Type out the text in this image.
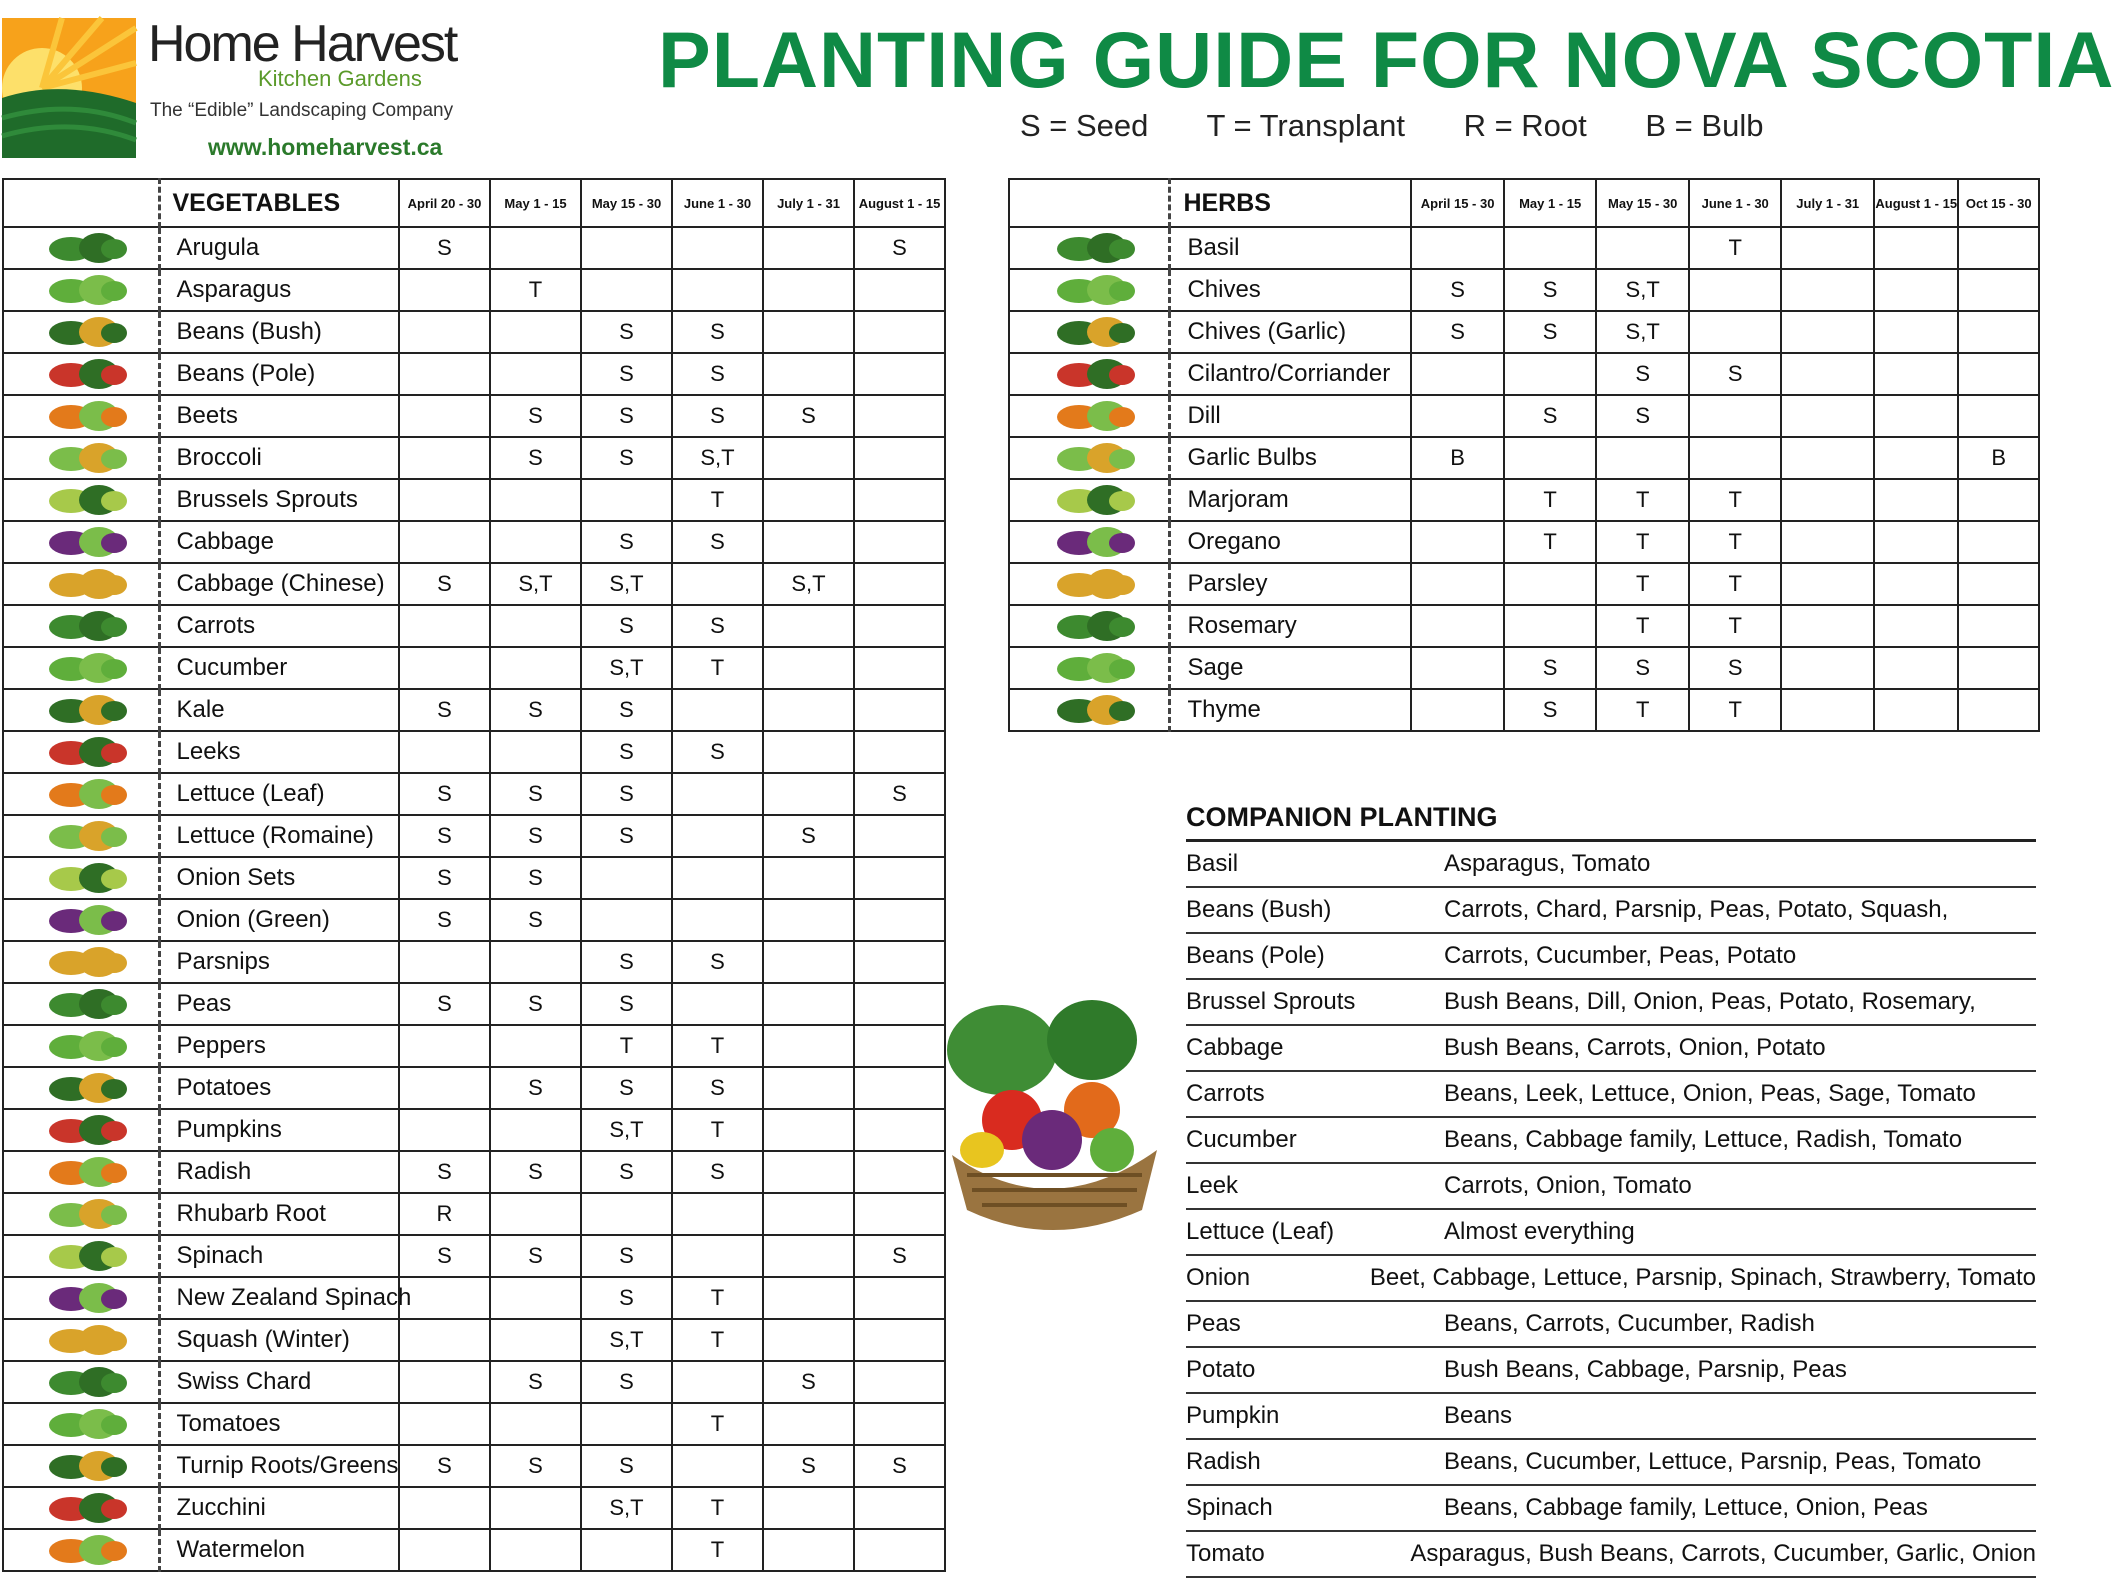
Home Harvest
Kitchen Gardens
The “Edible” Landscaping Company
www.homeharvest.ca
PLANTING GUIDE FOR NOVA SCOTIA
S = Seed T = Transplant R = Root B = Bulb
	VEGETABLES	April 20 - 30	May 1 - 15	May 15 - 30	June 1 - 30	July 1 - 31	August 1 - 15

	Arugula	S					S

	Asparagus		T				

	Beans (Bush)			S	S		

	Beans (Pole)			S	S		

	Beets		S	S	S	S	

	Broccoli		S	S	S,T		

	Brussels Sprouts				T		

	Cabbage			S	S		

	Cabbage (Chinese)	S	S,T	S,T		S,T	

	Carrots			S	S		

	Cucumber			S,T	T		

	Kale	S	S	S			

	Leeks			S	S		

	Lettuce (Leaf)	S	S	S			S

	Lettuce (Romaine)	S	S	S		S	

	Onion Sets	S	S				

	Onion (Green)	S	S				

	Parsnips			S	S		

	Peas	S	S	S			

	Peppers			T	T		

	Potatoes		S	S	S		

	Pumpkins			S,T	T		

	Radish	S	S	S	S		

	Rhubarb Root	R					

	Spinach	S	S	S			S

	New Zealand Spinach			S	T		

	Squash (Winter)			S,T	T		

	Swiss Chard		S	S		S	

	Tomatoes				T		

	Turnip Roots/Greens	S	S	S		S	S

	Zucchini			S,T	T		

	Watermelon				T		
	HERBS	April 15 - 30	May 1 - 15	May 15 - 30	June 1 - 30	July 1 - 31	August 1 - 15	Oct 15 - 30

	Basil				T			

	Chives	S	S	S,T				

	Chives (Garlic)	S	S	S,T				

	Cilantro/Corriander			S	S			

	Dill		S	S				

	Garlic Bulbs	B						B

	Marjoram		T	T	T			

	Oregano		T	T	T			

	Parsley			T	T			

	Rosemary			T	T			

	Sage		S	S	S			

	Thyme		S	T	T			
COMPANION PLANTING
Basil	Asparagus, Tomato
Beans (Bush)	Carrots, Chard, Parsnip, Peas, Potato, Squash,
Beans (Pole)	Carrots, Cucumber, Peas, Potato
Brussel Sprouts	Bush Beans, Dill, Onion, Peas, Potato, Rosemary,
Cabbage	Bush Beans, Carrots, Onion, Potato
Carrots	Beans, Leek, Lettuce, Onion, Peas, Sage, Tomato
Cucumber	Beans, Cabbage family, Lettuce, Radish, Tomato
Leek	Carrots, Onion, Tomato
Lettuce (Leaf)	Almost everything
Onion	Beet, Cabbage, Lettuce, Parsnip, Spinach, Strawberry, Tomato
Peas	Beans, Carrots, Cucumber, Radish
Potato	Bush Beans, Cabbage, Parsnip, Peas
Pumpkin	Beans
Radish	Beans, Cucumber, Lettuce, Parsnip, Peas, Tomato
Spinach	Beans, Cabbage family, Lettuce, Onion, Peas
Tomato	Asparagus, Bush Beans, Carrots, Cucumber, Garlic, Onion
